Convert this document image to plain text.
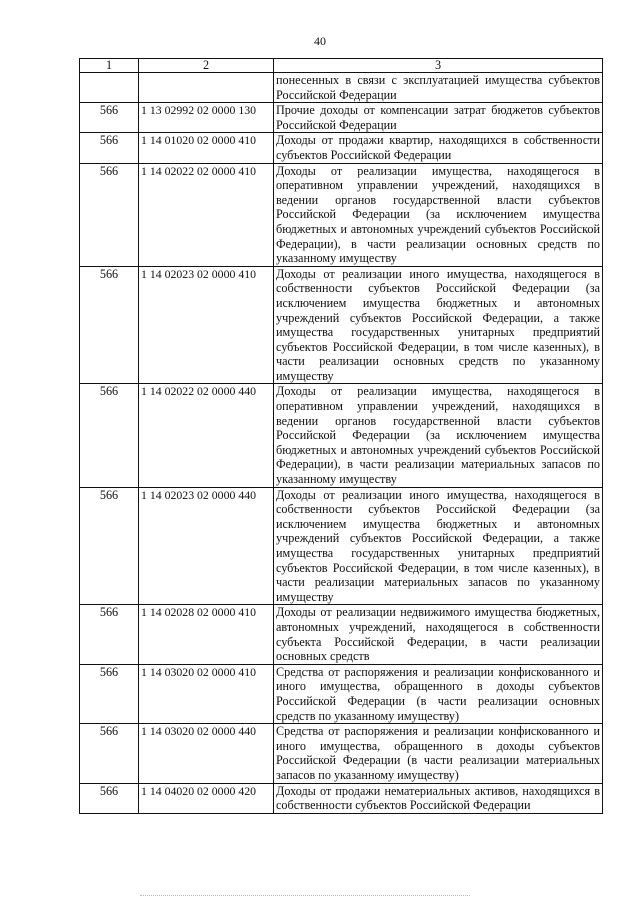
40
1	2	3
		понесенных в связи с эксплуатацией имущества субъектов Российской Федерации
566	1 13 02992 02 0000 130	Прочие доходы от компенсации затрат бюджетов субъектов Российской Федерации
566	1 14 01020 02 0000 410	Доходы от продажи квартир, находящихся в собственности субъектов Российской Федерации
566	1 14 02022 02 0000 410	Доходы от реализации имущества, находящегося в оперативном управлении учреждений, находящихся в ведении органов государственной власти субъектов Российской Федерации (за исключением имущества бюджетных и автономных учреждений субъектов Российской Федерации), в части реализации основных средств по указанному имуществу
566	1 14 02023 02 0000 410	Доходы от реализации иного имущества, находящегося в собственности субъектов Российской Федерации (за исключением имущества бюджетных и автономных учреждений субъектов Российской Федерации, а также имущества государственных унитарных предприятий субъектов Российской Федерации, в том числе казенных), в части реализации основных средств по указанному имуществу
566	1 14 02022 02 0000 440	Доходы от реализации имущества, находящегося в оперативном управлении учреждений, находящихся в ведении органов государственной власти субъектов Российской Федерации (за исключением имущества бюджетных и автономных учреждений субъектов Российской Федерации), в части реализации материальных запасов по указанному имуществу
566	1 14 02023 02 0000 440	Доходы от реализации иного имущества, находящегося в собственности субъектов Российской Федерации (за исключением имущества бюджетных и автономных учреждений субъектов Российской Федерации, а также имущества государственных унитарных предприятий субъектов Российской Федерации, в том числе казенных), в части реализации материальных запасов по указанному имуществу
566	1 14 02028 02 0000 410	Доходы от реализации недвижимого имущества бюджетных, автономных учреждений, находящегося в собственности субъекта Российской Федерации, в части реализации основных средств
566	1 14 03020 02 0000 410	Средства от распоряжения и реализации конфискованного и иного имущества, обращенного в доходы субъектов Российской Федерации (в части реализации основных средств по указанному имуществу)
566	1 14 03020 02 0000 440	Средства от распоряжения и реализации конфискованного и иного имущества, обращенного в доходы субъектов Российской Федерации (в части реализации материальных запасов по указанному имуществу)
566	1 14 04020 02 0000 420	Доходы от продажи нематериальных активов, находящихся в собственности субъектов Российской Федерации
